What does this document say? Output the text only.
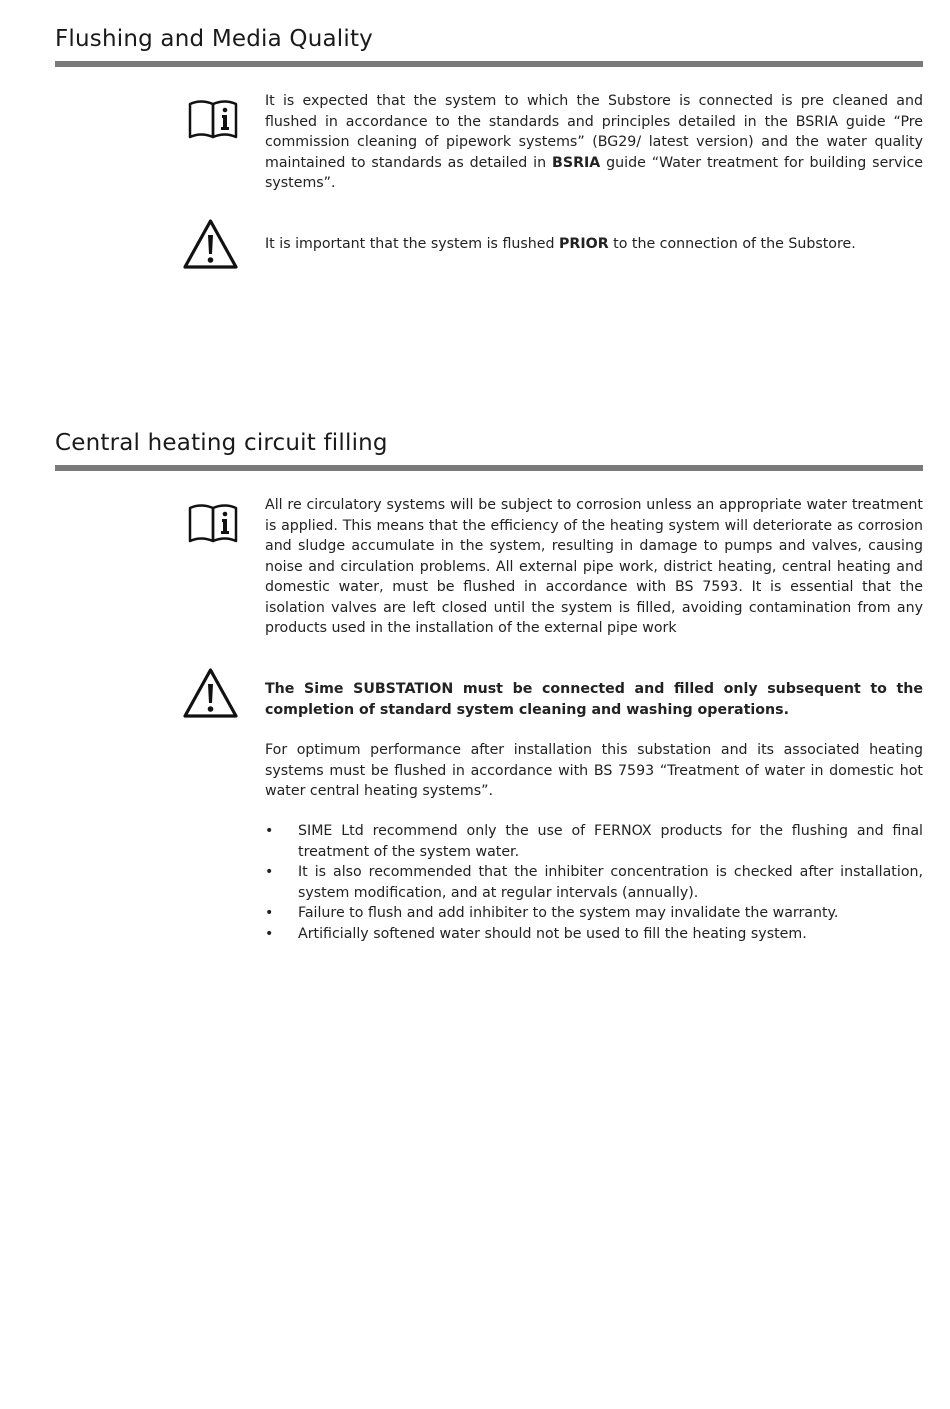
Flushing and Media Quality

It is expected that the system to which the Substore is connected is pre cleaned and flushed in accordance to the standards and principles detailed in the BSRIA guide “Pre commission cleaning of pipework systems” (BG29/ latest version) and the water quality maintained to standards as detailed in BSRIA guide “Water treatment for building service systems”.

It is important that the system is flushed PRIOR to the connection of the Substore.

Central heating circuit filling
All re circulatory systems will be subject to corrosion unless an appropriate water treatment is applied. This means that the efficiency of the heating system will deteriorate as corrosion and sludge accumulate in the system, resulting in damage to pumps and valves, causing noise and circulation problems. All external pipe work, district heating, central heating and domestic water, must be flushed in accordance with BS 7593. It is essential that the isolation valves are left closed until the system is filled, avoiding contamination from any products used in the installation of the external pipe work

The Sime SUBSTATION must be connected and filled only subsequent to the completion of standard system cleaning and washing operations.

For optimum performance after installation this substation and its associated heating systems must be flushed in accordance with BS 7593 “Treatment of water in domestic hot water central heating systems”.

• SIME Ltd recommend only the use of FERNOX products for the flushing and final treatment of the system water.
• It is also recommended that the inhibiter concentration is checked after installation, system modification, and at regular intervals (annually).
• Failure to flush and add inhibiter to the system may invalidate the warranty.
• Artificially softened water should not be used to fill the heating system.
